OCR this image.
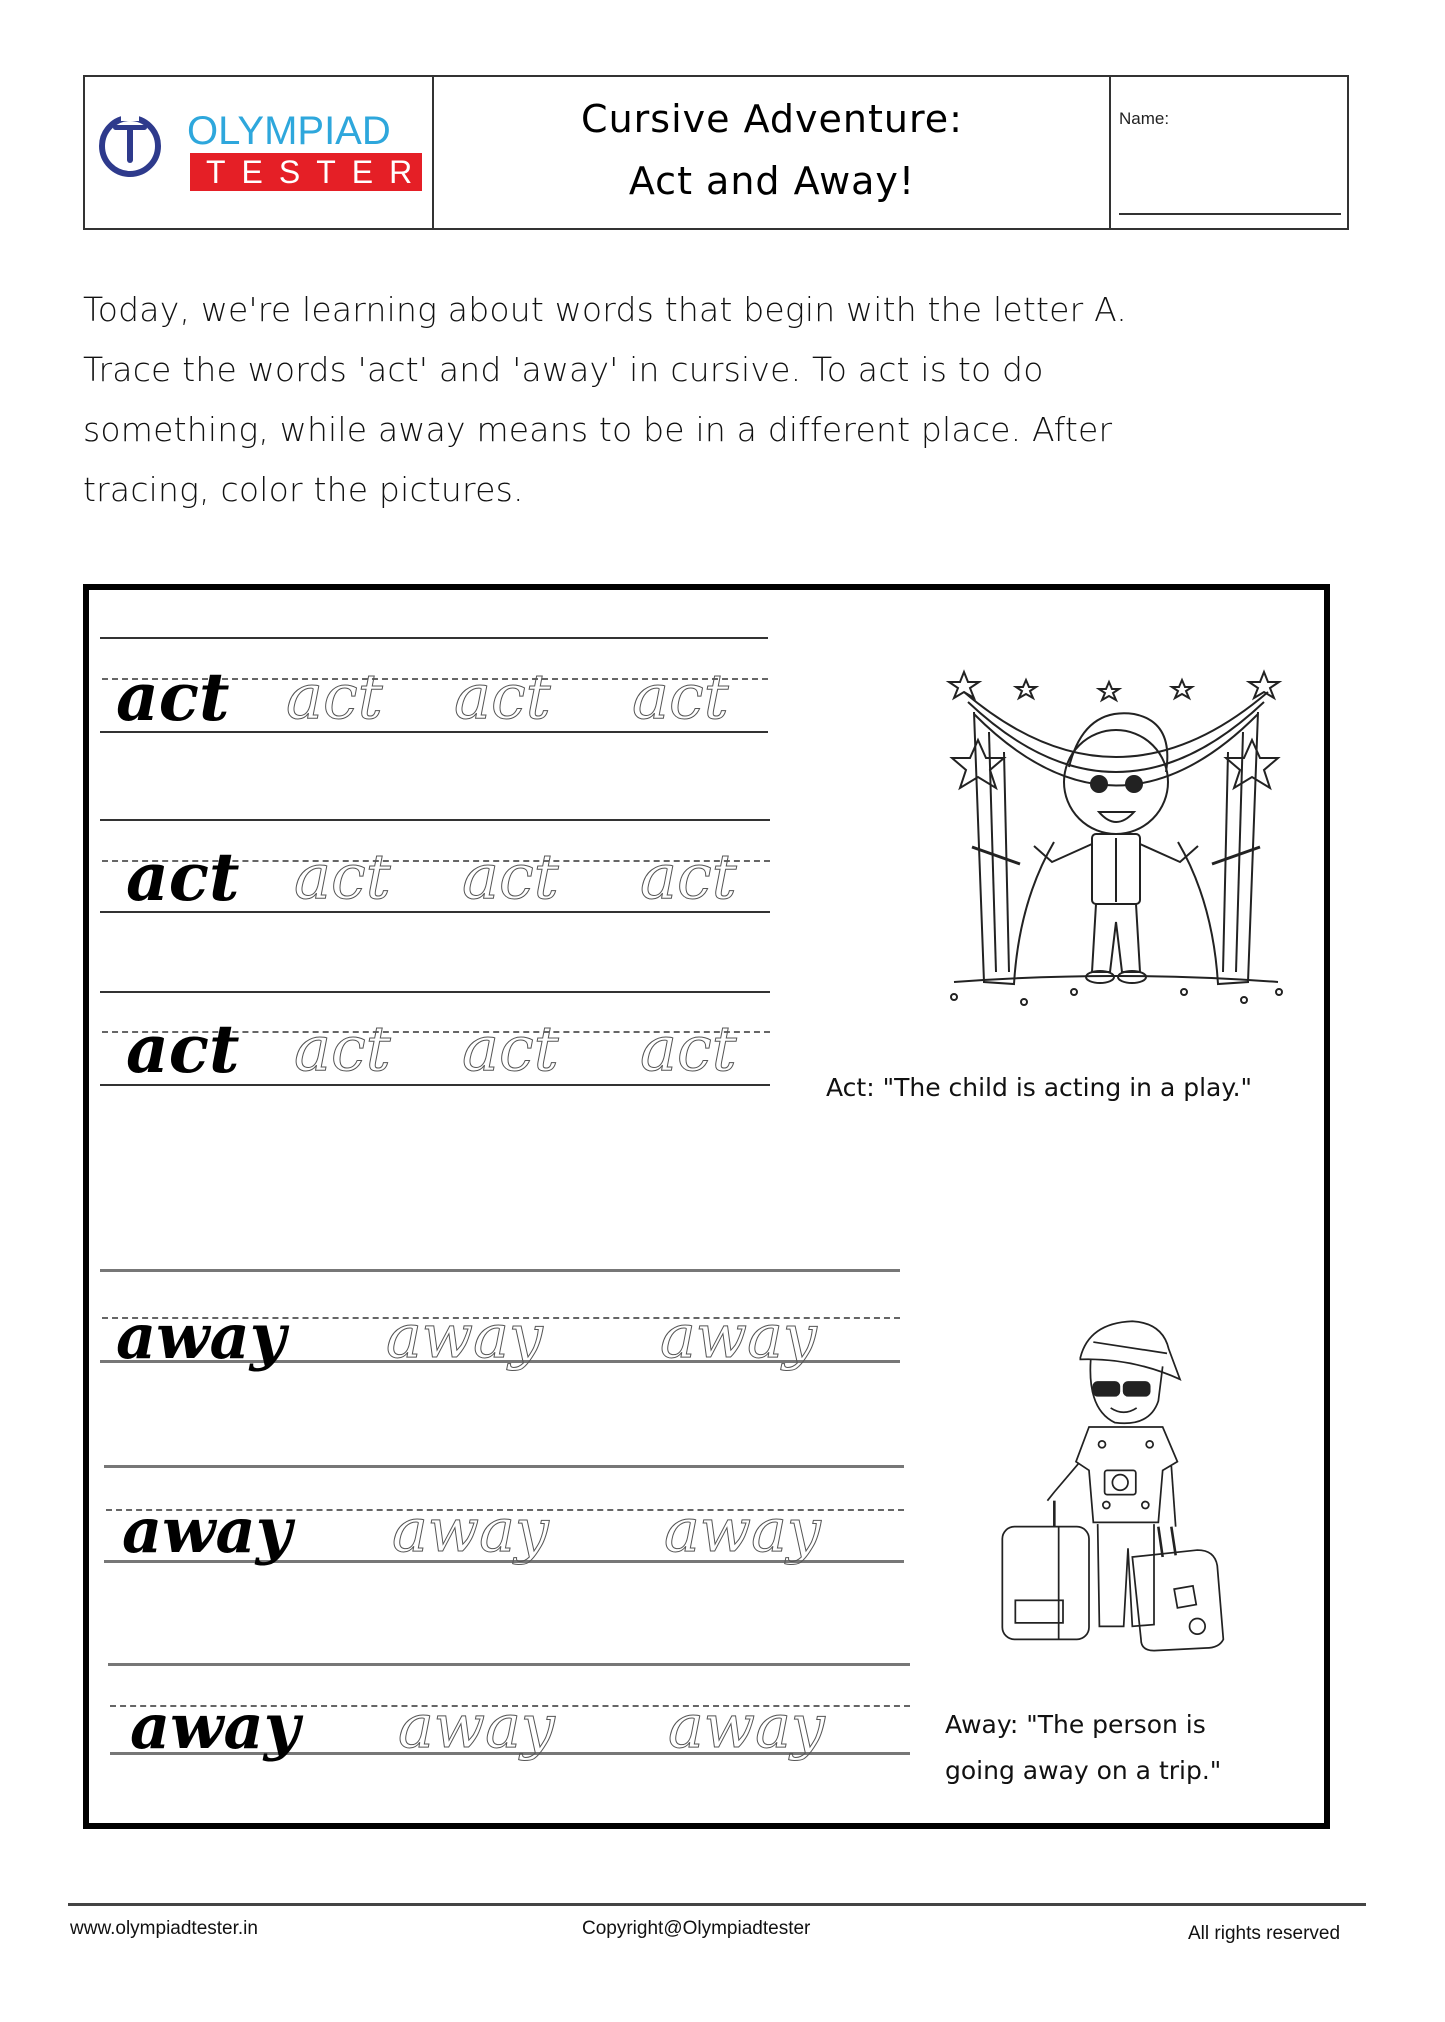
OLYMPIAD
TESTER
Cursive Adventure:
Act and Away!
Name:
Today, we're learning about words that begin with the letter A.
Trace the words 'act' and 'away' in cursive. To act is to do
something, while away means to be in a different place. After
tracing, color the pictures.
act act act act
act act act act
act act act act
Act: "The child is acting in a play."
away away away
away away away
away away away	Away: "The person is
going away on a trip."
www.olympiadtester.in	Copyright@Olympiadtester	All rights reserved
